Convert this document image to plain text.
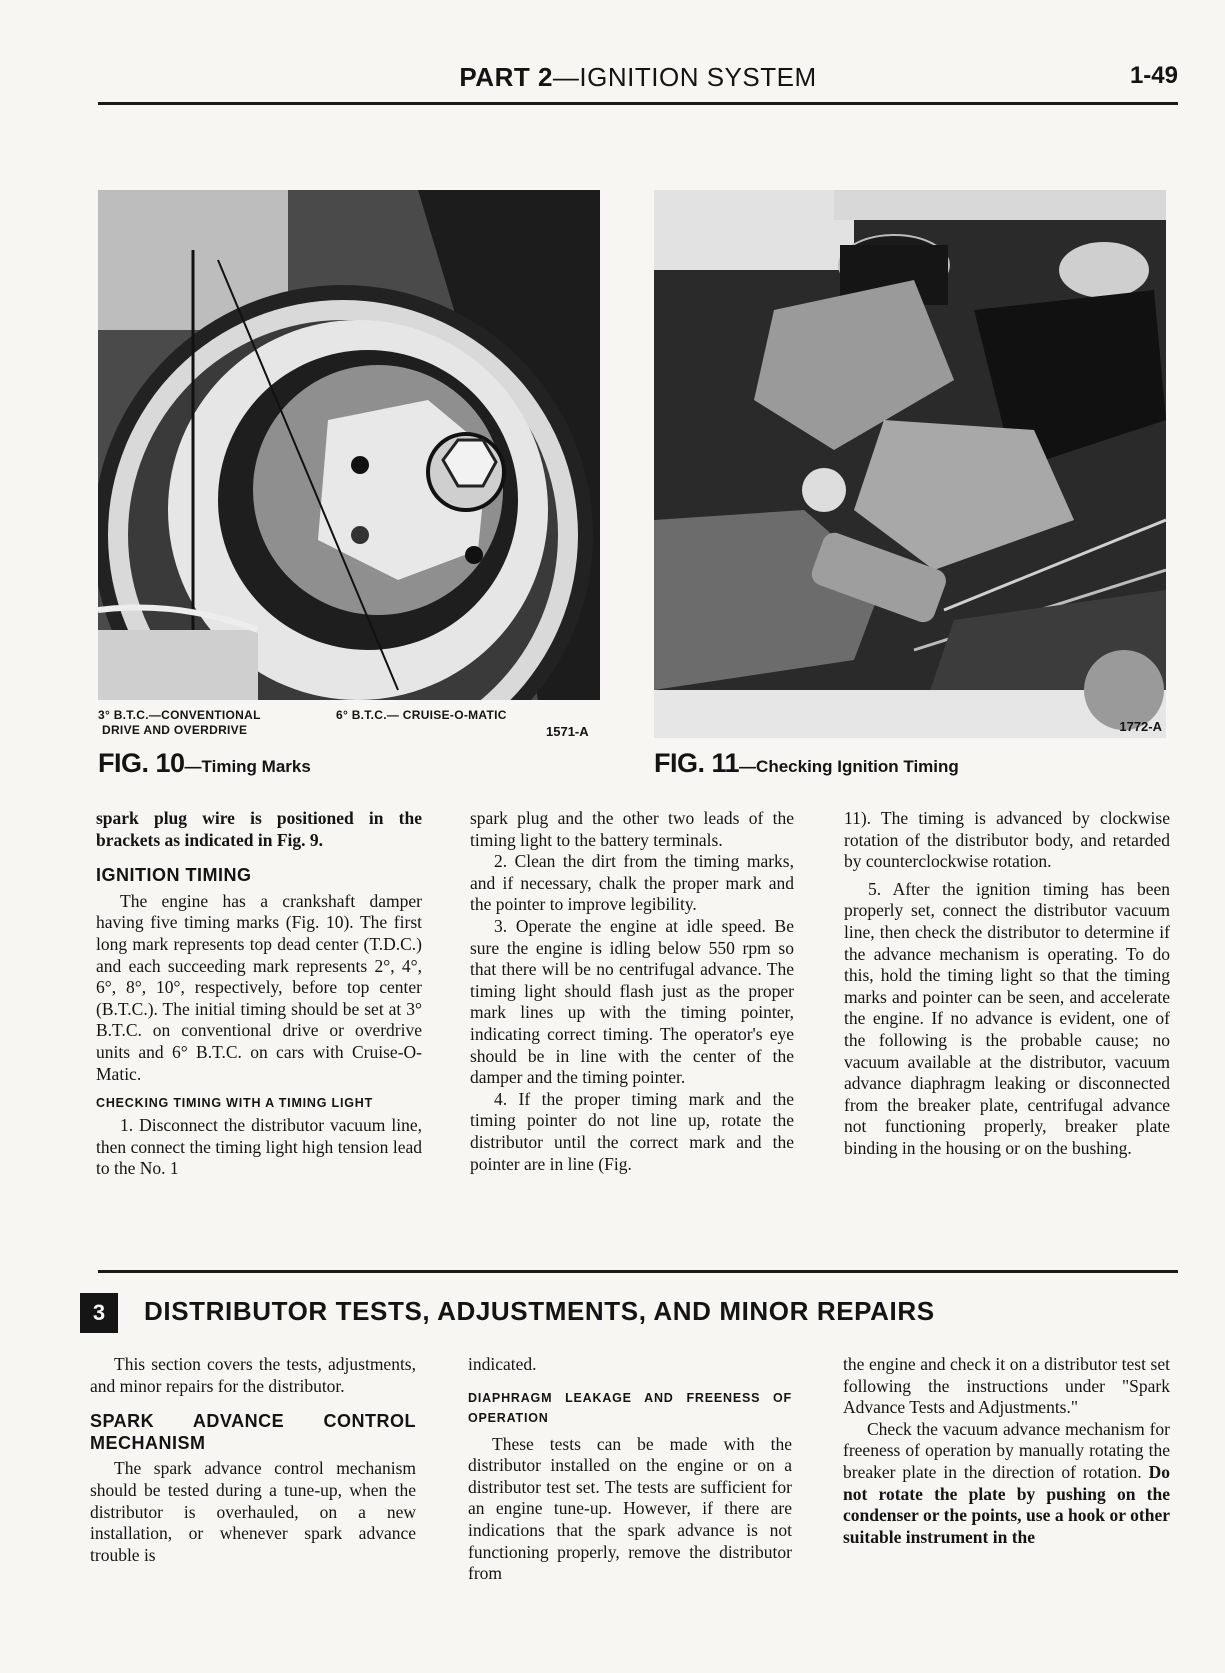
PART 2—IGNITION SYSTEM	1-49
3° B.T.C.—CONVENTIONAL
DRIVE AND OVERDRIVE
6° B.T.C.— CRUISE-O-MATIC
1571-A
FIG. 10—Timing Marks
1772-A
FIG. 11—Checking Ignition Timing

spark plug wire is positioned in the brackets as indicated in Fig. 9.

IGNITION TIMING

The engine has a crankshaft damper having five timing marks (Fig. 10). The first long mark represents top dead center (T.D.C.) and each succeeding mark represents 2°, 4°, 6°, 8°, 10°, respectively, before top center (B.T.C.). The initial timing should be set at 3° B.T.C. on conventional drive or overdrive units and 6° B.T.C. on cars with Cruise-O-Matic.

CHECKING TIMING WITH A TIMING LIGHT

1. Disconnect the distributor vacuum line, then connect the timing light high tension lead to the No. 1

spark plug and the other two leads of the timing light to the battery terminals.

2. Clean the dirt from the timing marks, and if necessary, chalk the proper mark and the pointer to improve legibility.

3. Operate the engine at idle speed. Be sure the engine is idling below 550 rpm so that there will be no centrifugal advance. The timing light should flash just as the proper mark lines up with the timing pointer, indicating correct timing. The operator's eye should be in line with the center of the damper and the timing pointer.

4. If the proper timing mark and the timing pointer do not line up, rotate the distributor until the correct mark and the pointer are in line (Fig.

11). The timing is advanced by clockwise rotation of the distributor body, and retarded by counterclockwise rotation.

5. After the ignition timing has been properly set, connect the distributor vacuum line, then check the distributor to determine if the advance mechanism is operating. To do this, hold the timing light so that the timing marks and pointer can be seen, and accelerate the engine. If no advance is evident, one of the following is the probable cause; no vacuum available at the distributor, vacuum advance diaphragm leaking or disconnected from the breaker plate, centrifugal advance not functioning properly, breaker plate binding in the housing or on the bushing.

3	DISTRIBUTOR TESTS, ADJUSTMENTS, AND MINOR REPAIRS

This section covers the tests, adjustments, and minor repairs for the distributor.

SPARK ADVANCE CONTROL MECHANISM

The spark advance control mechanism should be tested during a tune-up, when the distributor is overhauled, on a new installation, or whenever spark advance trouble is

indicated.

DIAPHRAGM LEAKAGE AND FREENESS OF OPERATION

These tests can be made with the distributor installed on the engine or on a distributor test set. The tests are sufficient for an engine tune-up. However, if there are indications that the spark advance is not functioning properly, remove the distributor from

the engine and check it on a distributor test set following the instructions under "Spark Advance Tests and Adjustments."

Check the vacuum advance mechanism for freeness of operation by manually rotating the breaker plate in the direction of rotation. Do not rotate the plate by pushing on the condenser or the points, use a hook or other suitable instrument in the
